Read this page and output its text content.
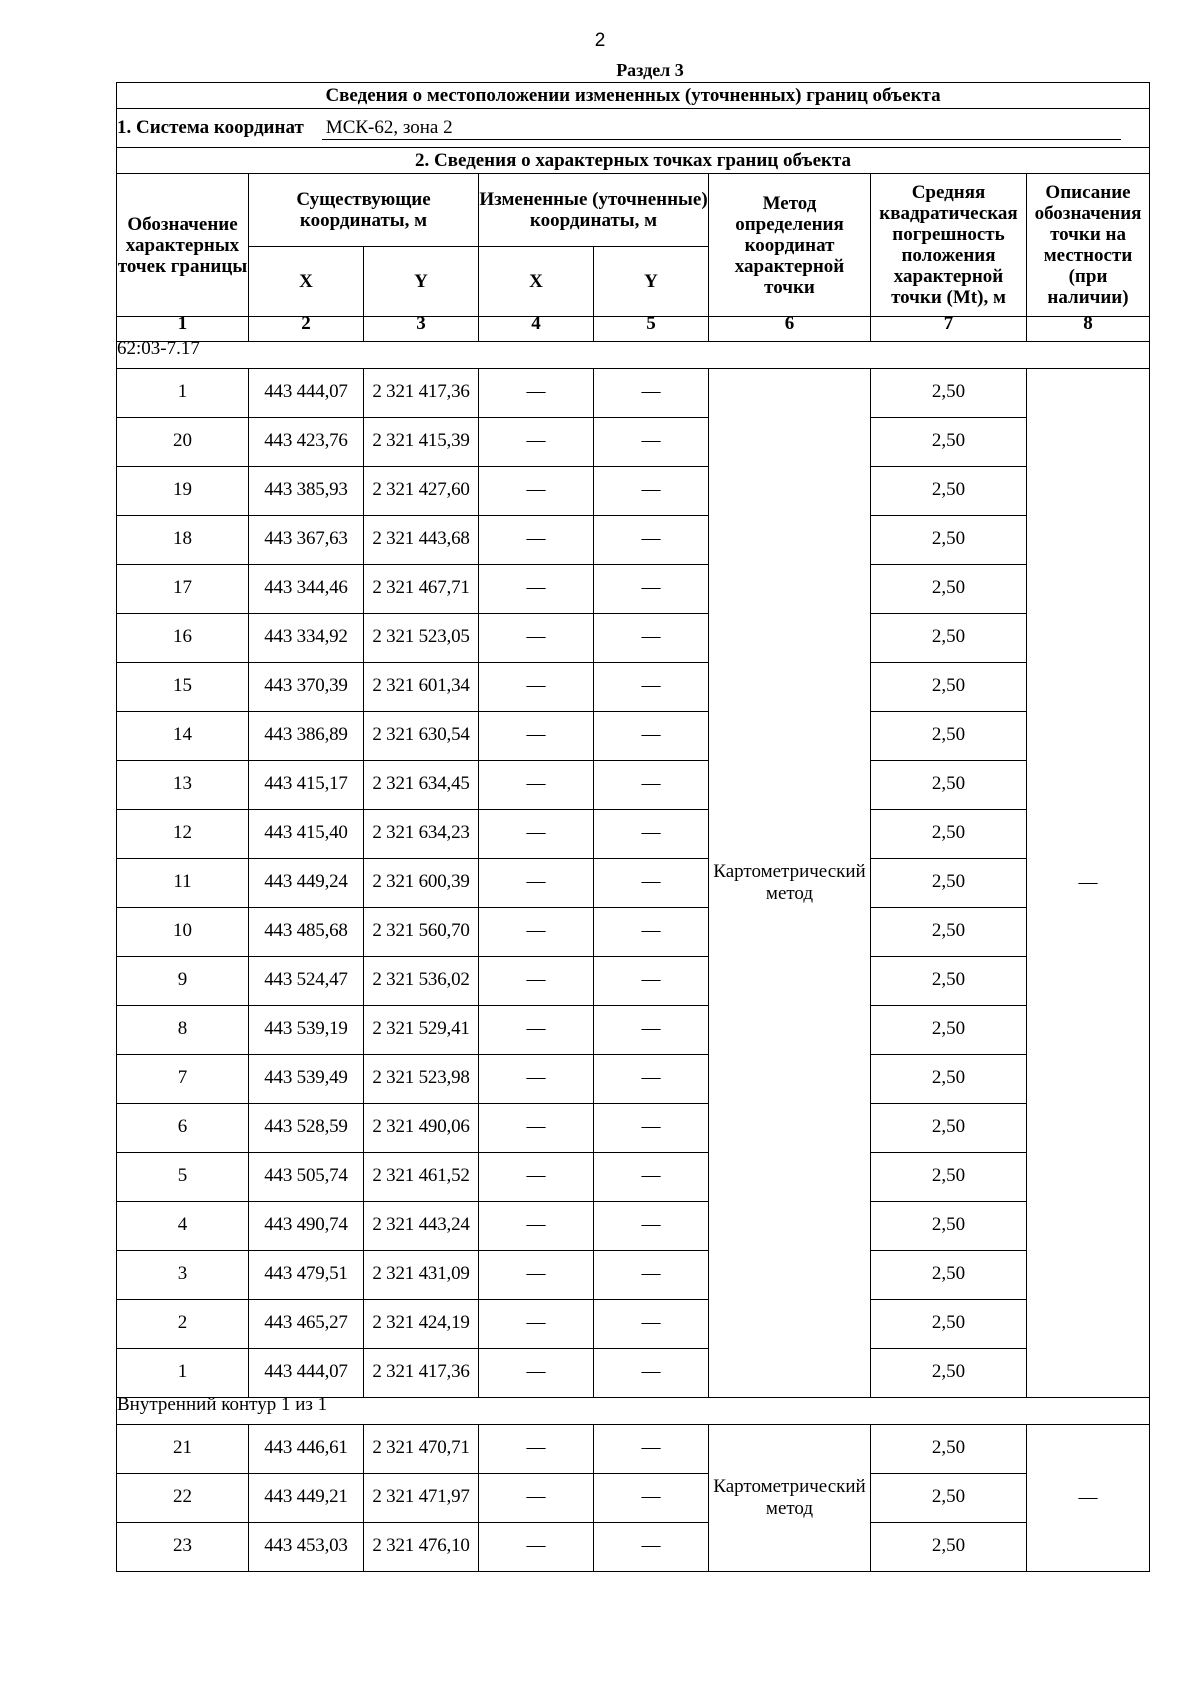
2
Раздел 3
Сведения о местоположении измененных (уточненных) границ объекта							
1. Система координат МСК-62, зона 2							
2. Сведения о характерных точках границ объекта							
Обозначение характерных точек границы	Существующие координаты, м		Измененные (уточненные) координаты, м		Метод определения координат характерной точки	Средняя квадратическая погрешность положения характерной точки (Mt), м	Описание обозначения точки на местности (при наличии)
	X	Y	X	Y			
1	2	3	4	5	6	7	8
62:03-7.17							
1	443 444,07	2 321 417,36	—	—	Картометрический метод	2,50	—
20	443 423,76	2 321 415,39	—	—		2,50	
19	443 385,93	2 321 427,60	—	—		2,50	
18	443 367,63	2 321 443,68	—	—		2,50	
17	443 344,46	2 321 467,71	—	—		2,50	
16	443 334,92	2 321 523,05	—	—		2,50	
15	443 370,39	2 321 601,34	—	—		2,50	
14	443 386,89	2 321 630,54	—	—		2,50	
13	443 415,17	2 321 634,45	—	—		2,50	
12	443 415,40	2 321 634,23	—	—		2,50	
11	443 449,24	2 321 600,39	—	—		2,50	
10	443 485,68	2 321 560,70	—	—		2,50	
9	443 524,47	2 321 536,02	—	—		2,50	
8	443 539,19	2 321 529,41	—	—		2,50	
7	443 539,49	2 321 523,98	—	—		2,50	
6	443 528,59	2 321 490,06	—	—		2,50	
5	443 505,74	2 321 461,52	—	—		2,50	
4	443 490,74	2 321 443,24	—	—		2,50	
3	443 479,51	2 321 431,09	—	—		2,50	
2	443 465,27	2 321 424,19	—	—		2,50	
1	443 444,07	2 321 417,36	—	—		2,50	
Внутренний контур 1 из 1							
21	443 446,61	2 321 470,71	—	—	Картометрический метод	2,50	—
22	443 449,21	2 321 471,97	—	—		2,50	
23	443 453,03	2 321 476,10	—	—		2,50	
